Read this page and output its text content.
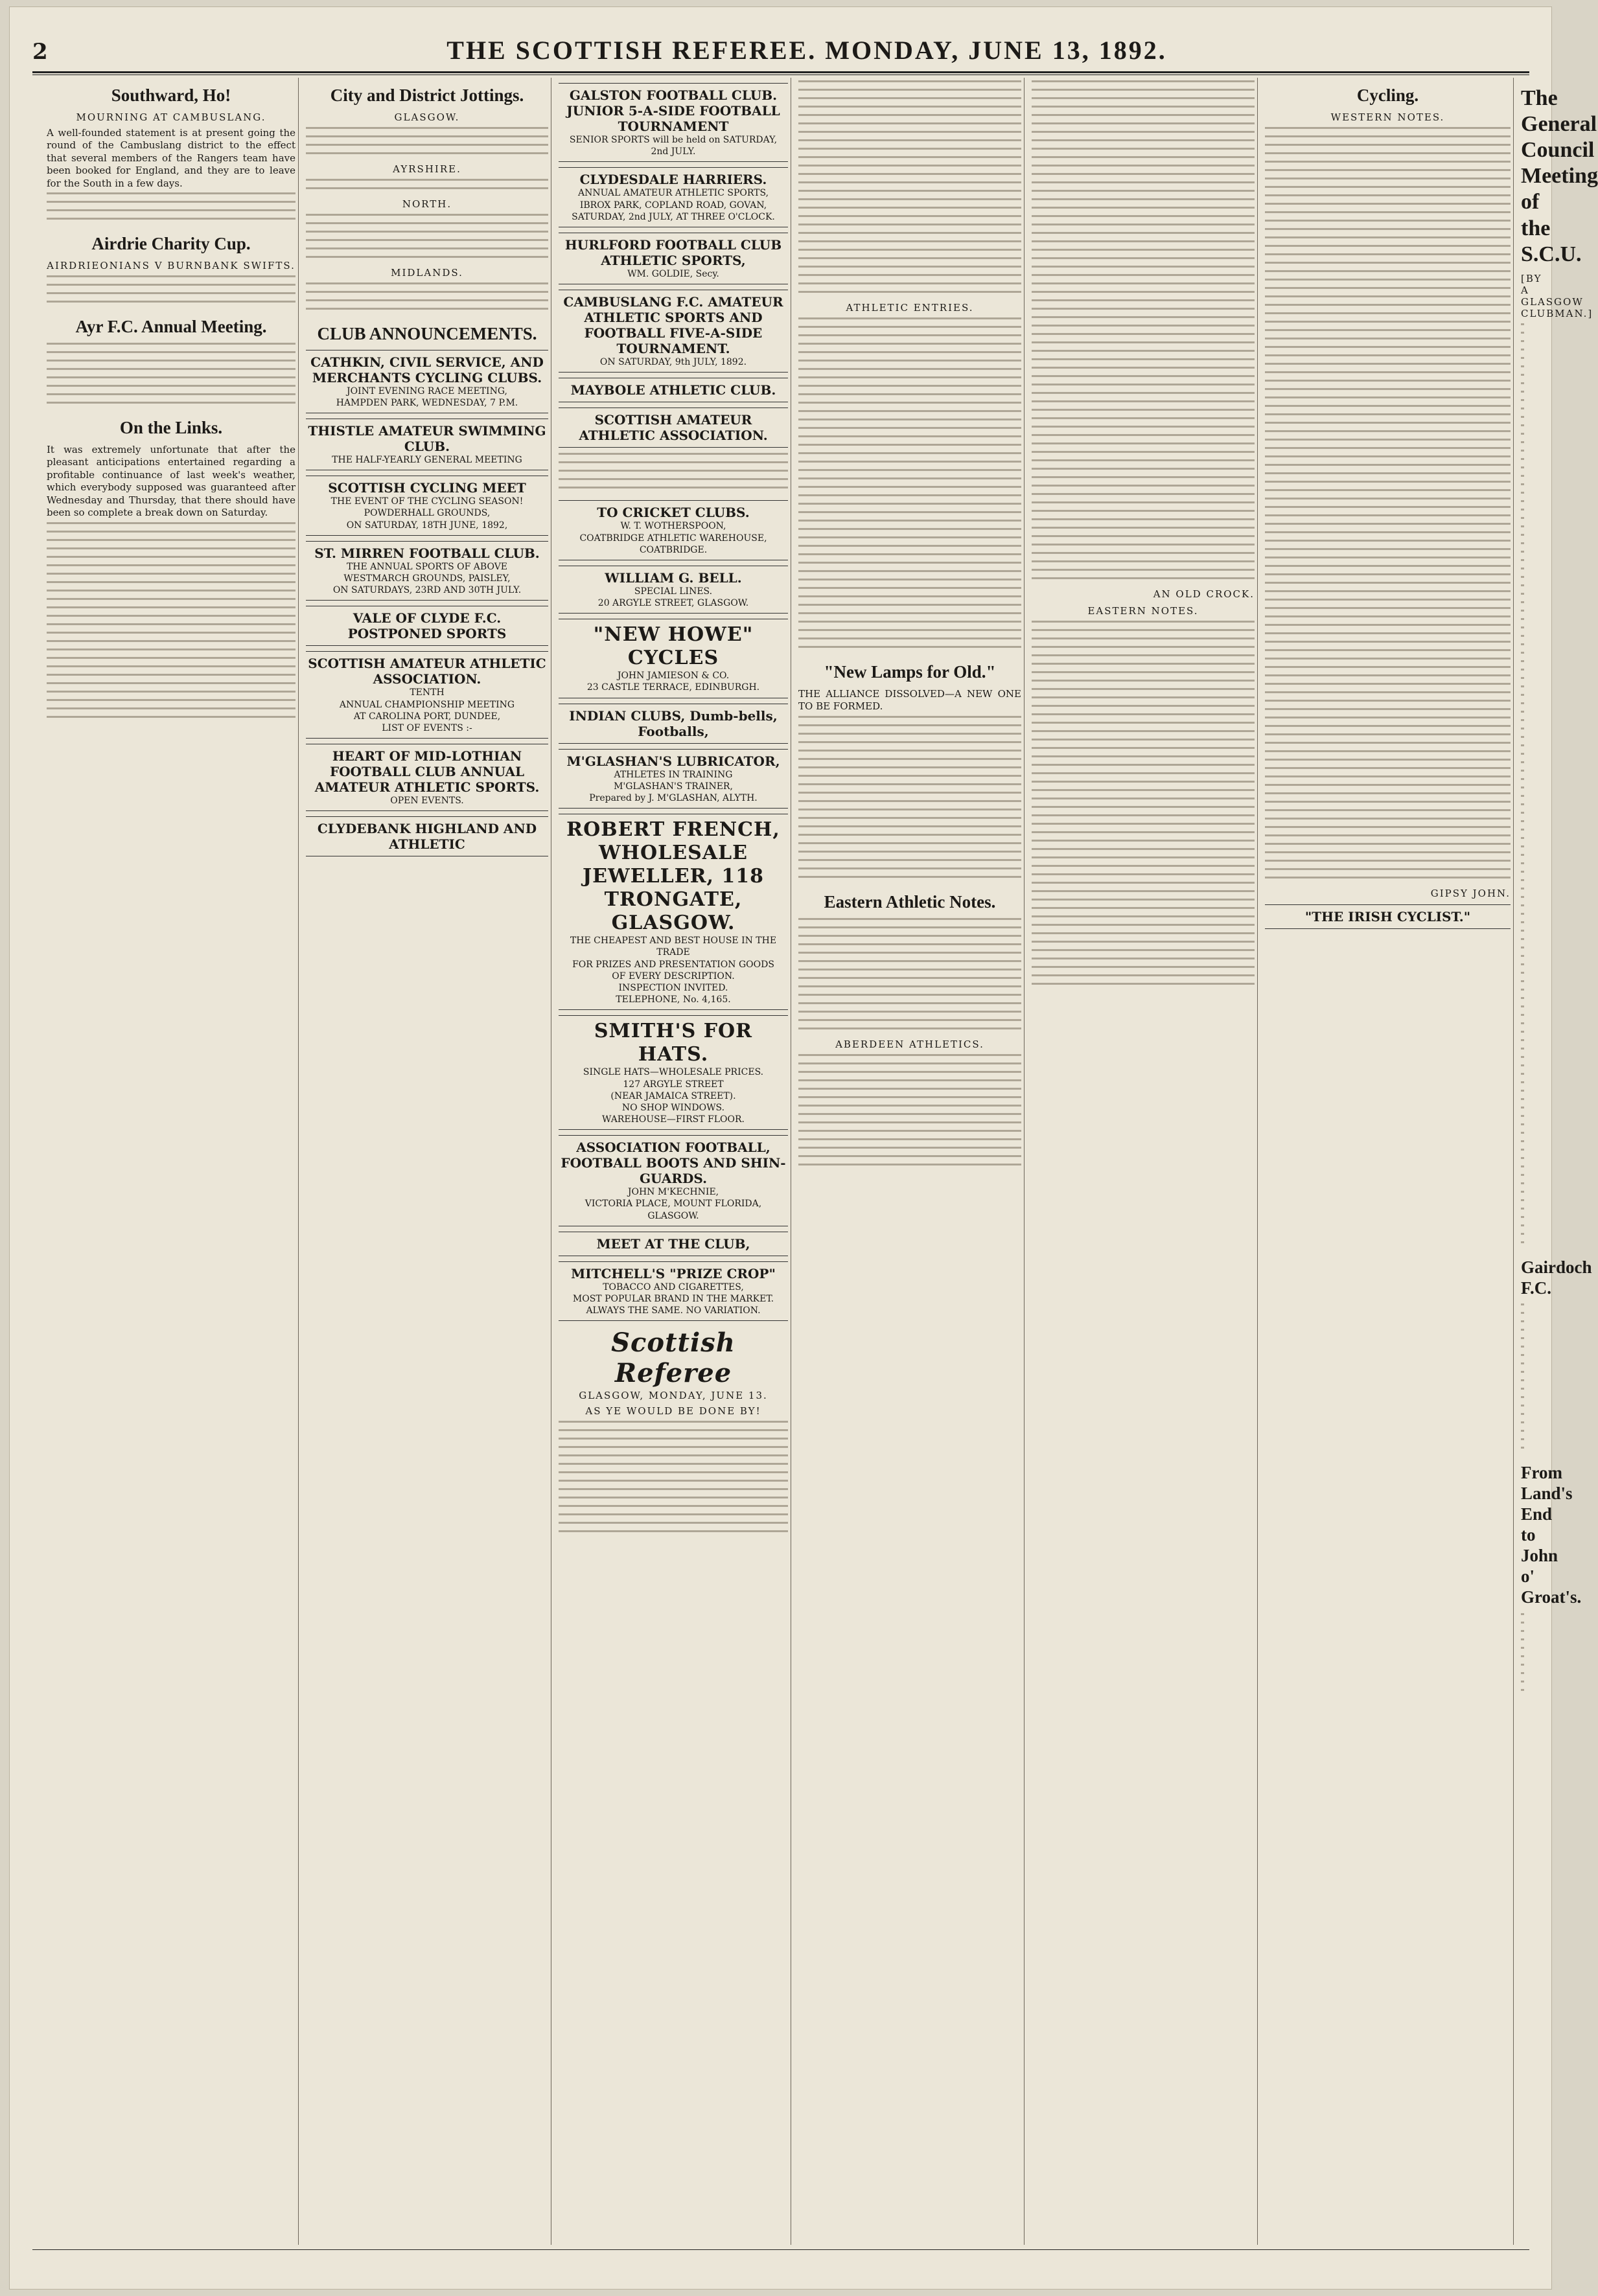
2	THE SCOTTISH REFEREE. MONDAY, JUNE 13, 1892.
Southward, Ho!
MOURNING AT CAMBUSLANG.

A well-founded statement is at present going the round of the Cambuslang district to the effect that several members of the Rangers team have been booked for England, and they are to leave for the South in a few days.

Airdrie Charity Cup.
AIRDRIEONIANS V BURNBANK SWIFTS.
Ayr F.C. Annual Meeting.
On the Links.

It was extremely unfortunate that after the pleasant anticipations entertained regarding a profitable continuance of last week's weather, which everybody supposed was guaranteed after Wednesday and Thursday, that there should have been so complete a break down on Saturday.

City and District Jottings.
GLASGOW.
AYRSHIRE.
NORTH.
MIDLANDS.
CLUB ANNOUNCEMENTS.
CATHKIN, CIVIL SERVICE, AND MERCHANTS CYCLING CLUBS.
JOINT EVENING RACE MEETING,
HAMPDEN PARK, WEDNESDAY, 7 P.M.
THISTLE AMATEUR SWIMMING CLUB.
THE HALF-YEARLY GENERAL MEETING
SCOTTISH CYCLING MEET
THE EVENT OF THE CYCLING SEASON!
POWDERHALL GROUNDS,
ON SATURDAY, 18TH JUNE, 1892,
ST. MIRREN FOOTBALL CLUB.
THE ANNUAL SPORTS OF ABOVE
WESTMARCH GROUNDS, PAISLEY,
ON SATURDAYS, 23RD AND 30TH JULY.
VALE OF CLYDE F.C. POSTPONED SPORTS
SCOTTISH AMATEUR ATHLETIC ASSOCIATION.
TENTH
ANNUAL CHAMPIONSHIP MEETING
AT CAROLINA PORT, DUNDEE,
LIST OF EVENTS :-
HEART OF MID-LOTHIAN FOOTBALL CLUB ANNUAL AMATEUR ATHLETIC SPORTS.
OPEN EVENTS.
CLYDEBANK HIGHLAND AND ATHLETIC
GALSTON FOOTBALL CLUB. JUNIOR 5-A-SIDE FOOTBALL TOURNAMENT
SENIOR SPORTS will be held on SATURDAY, 2nd JULY.
CLYDESDALE HARRIERS.
ANNUAL AMATEUR ATHLETIC SPORTS,
IBROX PARK, COPLAND ROAD, GOVAN,
SATURDAY, 2nd JULY, AT THREE O'CLOCK.
HURLFORD FOOTBALL CLUB ATHLETIC SPORTS,
WM. GOLDIE, Secy.
CAMBUSLANG F.C. AMATEUR ATHLETIC SPORTS AND FOOTBALL FIVE-A-SIDE TOURNAMENT.
ON SATURDAY, 9th JULY, 1892.
MAYBOLE ATHLETIC CLUB.
SCOTTISH AMATEUR ATHLETIC ASSOCIATION.
TO CRICKET CLUBS.
W. T. WOTHERSPOON,
COATBRIDGE ATHLETIC WAREHOUSE,
COATBRIDGE.
WILLIAM G. BELL.
SPECIAL LINES.
20 ARGYLE STREET, GLASGOW.
"NEW HOWE" CYCLES
JOHN JAMIESON & CO.
23 CASTLE TERRACE, EDINBURGH.
INDIAN CLUBS, Dumb-bells, Footballs,
M'GLASHAN'S LUBRICATOR,
ATHLETES IN TRAINING
M'GLASHAN'S TRAINER,
Prepared by J. M'GLASHAN, ALYTH.
ROBERT FRENCH, WHOLESALE JEWELLER, 118 TRONGATE, GLASGOW.
THE CHEAPEST AND BEST HOUSE IN THE TRADE
FOR PRIZES AND PRESENTATION GOODS
OF EVERY DESCRIPTION.
INSPECTION INVITED.
TELEPHONE, No. 4,165.
SMITH'S FOR HATS.
SINGLE HATS—WHOLESALE PRICES.
127 ARGYLE STREET
(NEAR JAMAICA STREET).
NO SHOP WINDOWS.
WAREHOUSE—FIRST FLOOR.
ASSOCIATION FOOTBALL, FOOTBALL BOOTS AND SHIN-GUARDS.
JOHN M'KECHNIE,
VICTORIA PLACE, MOUNT FLORIDA, GLASGOW.
MEET AT THE CLUB,
MITCHELL'S "PRIZE CROP"
TOBACCO AND CIGARETTES,
MOST POPULAR BRAND IN THE MARKET.
ALWAYS THE SAME. NO VARIATION.
Scottish Referee
GLASGOW, MONDAY, JUNE 13.
AS YE WOULD BE DONE BY!
ATHLETIC ENTRIES.
"New Lamps for Old."

THE ALLIANCE DISSOLVED—A NEW ONE TO BE FORMED.

Eastern Athletic Notes.
ABERDEEN ATHLETICS.
AN OLD CROCK.
EASTERN NOTES.
Cycling.
WESTERN NOTES.
GIPSY JOHN.
"THE IRISH CYCLIST."
The General Council Meeting of the S.C.U.
[BY A GLASGOW CLUBMAN.]
Gairdoch F.C.
From Land's End to John o' Groat's.
